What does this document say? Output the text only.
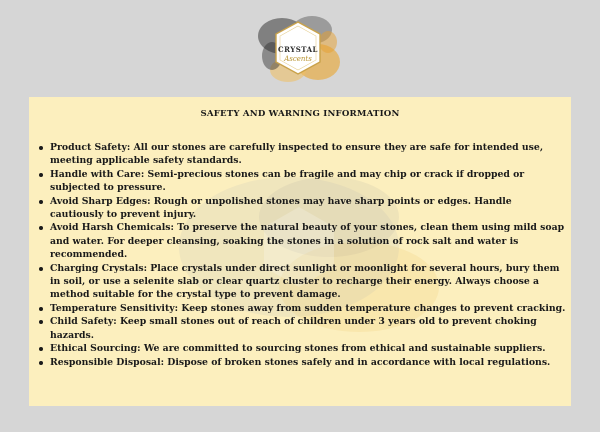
CRYSTAL
Ascents
SAFETY AND WARNING INFORMATION
Product Safety: All our stones are carefully inspected to ensure they are safe for intended use, meeting applicable safety standards.
Handle with Care: Semi-precious stones can be fragile and may chip or crack if dropped or subjected to pressure.
Avoid Sharp Edges: Rough or unpolished stones may have sharp points or edges. Handle cautiously to prevent injury.
Avoid Harsh Chemicals: To preserve the natural beauty of your stones, clean them using mild soap and water. For deeper cleansing, soaking the stones in a solution of rock salt and water is recommended.
Charging Crystals: Place crystals under direct sunlight or moonlight for several hours, bury them in soil, or use a selenite slab or clear quartz cluster to recharge their energy. Always choose a method suitable for the crystal type to prevent damage.
Temperature Sensitivity: Keep stones away from sudden temperature changes to prevent cracking.
Child Safety: Keep small stones out of reach of children under 3 years old to prevent choking hazards.
Ethical Sourcing: We are committed to sourcing stones from ethical and sustainable suppliers.
Responsible Disposal: Dispose of broken stones safely and in accordance with local regulations.
